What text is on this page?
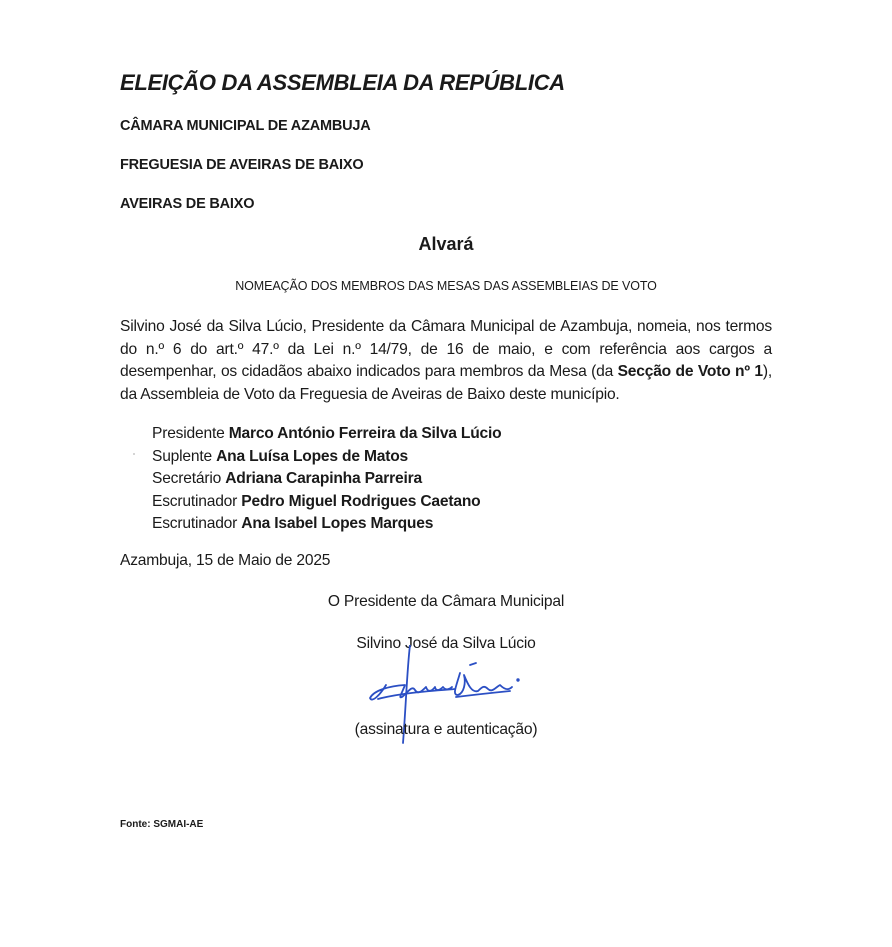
ELEIÇÃO DA ASSEMBLEIA DA REPÚBLICA
CÂMARA MUNICIPAL DE AZAMBUJA
FREGUESIA DE AVEIRAS DE BAIXO
AVEIRAS DE BAIXO
Alvará
NOMEAÇÃO DOS MEMBROS DAS MESAS DAS ASSEMBLEIAS DE VOTO
Silvino José da Silva Lúcio, Presidente da Câmara Municipal de Azambuja, nomeia, nos termos do n.º 6 do art.º 47.º da Lei n.º 14/79, de 16 de maio, e com referência aos cargos a desempenhar, os cidadãos abaixo indicados para membros da Mesa (da Secção de Voto nº 1), da Assembleia de Voto da Freguesia de Aveiras de Baixo deste município.
Presidente Marco António Ferreira da Silva Lúcio
Suplente Ana Luísa Lopes de Matos
Secretário Adriana Carapinha Parreira
Escrutinador Pedro Miguel Rodrigues Caetano
Escrutinador Ana Isabel Lopes Marques
Azambuja, 15 de Maio de 2025
O Presidente da Câmara Municipal
Silvino José da Silva Lúcio
(assinatura e autenticação)
Fonte: SGMAI-AE
